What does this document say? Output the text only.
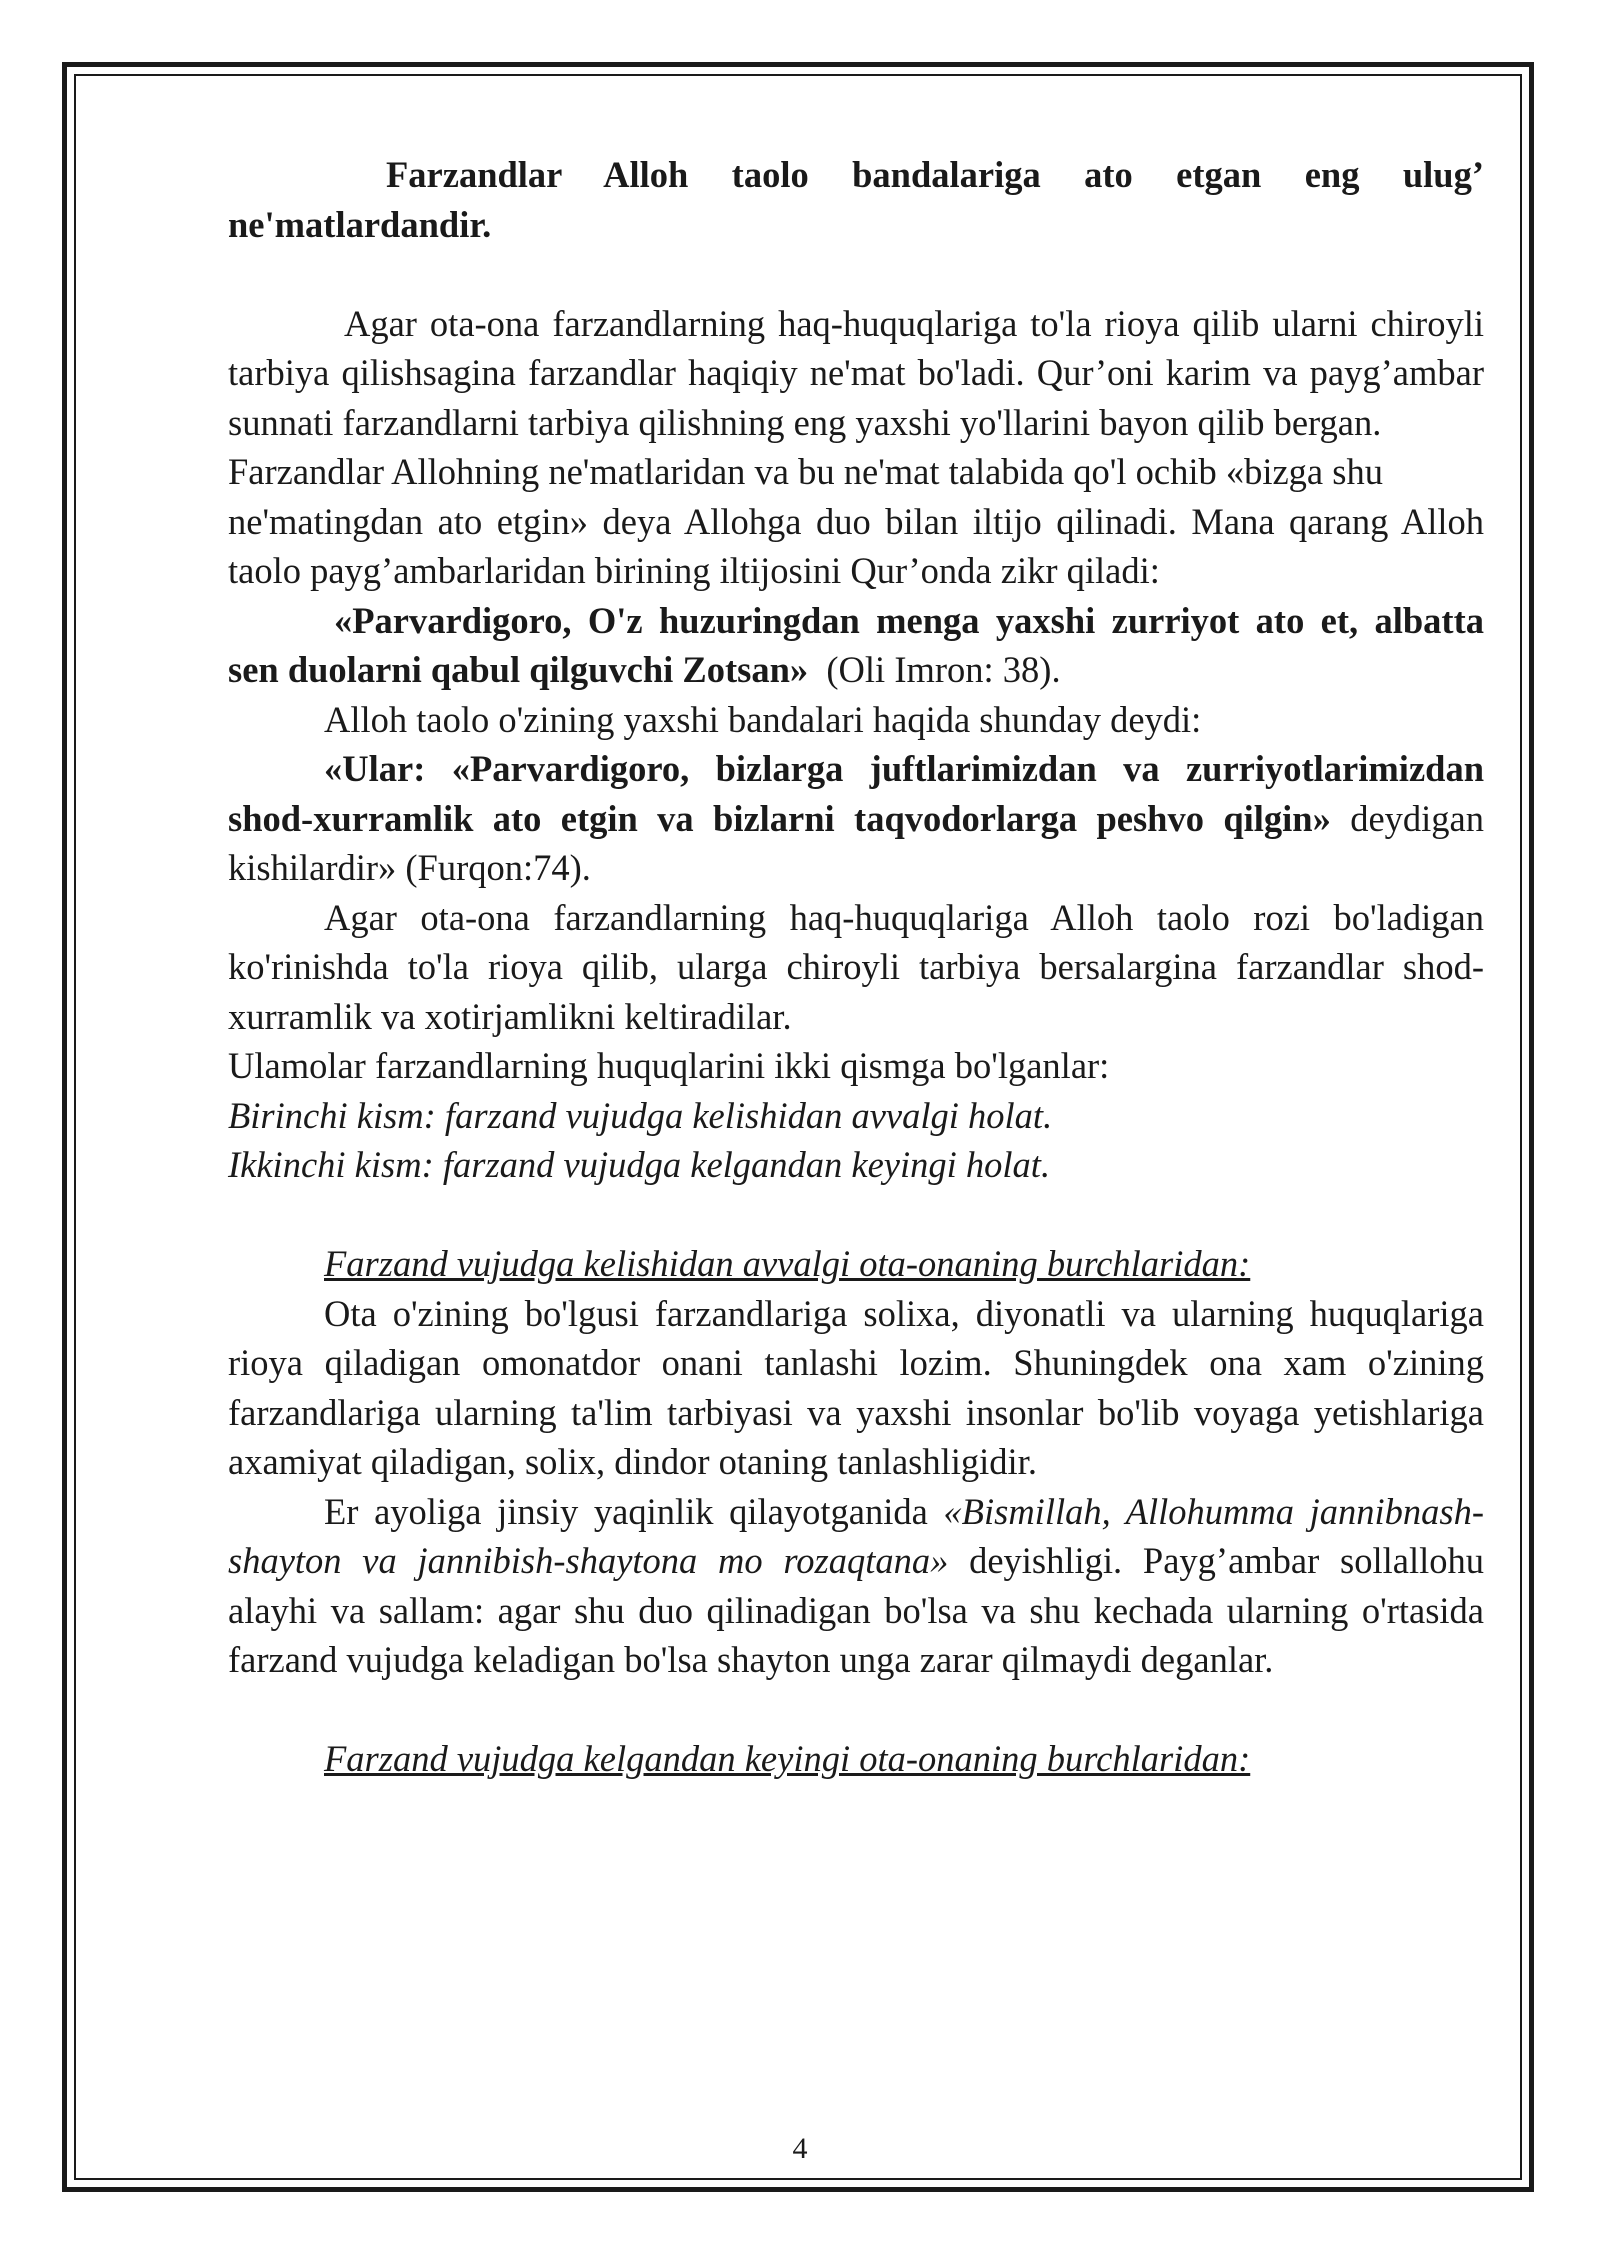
Farzandlar Alloh taolo bandalariga ato etgan eng ulug’ ne'matlardandir.

Agar ota-ona farzandlarning haq-huquqlariga to'la rioya qilib ularni chiroyli tarbiya qilishsagina farzandlar haqiqiy ne'mat bo'ladi. Qur’oni karim va payg’ambar sunnati farzandlarni tarbiya qilishning eng yaxshi yo'llarini bayon qilib bergan.

Farzandlar Allohning ne'matlaridan va bu ne'mat talabida qo'l ochib «bizga shu

ne'matingdan ato etgin» deya Allohga duo bilan iltijo qilinadi. Mana qarang Alloh taolo payg’ambarlaridan birining iltijosini Qur’onda zikr qiladi:

«Parvardigoro, O'z huzuringdan menga yaxshi zurriyot ato et, albatta sen duolarni qabul qilguvchi Zotsan» (Oli Imron: 38).

Alloh taolo o'zining yaxshi bandalari haqida shunday deydi:

«Ular: «Parvardigoro, bizlarga juftlarimizdan va zurriyotlarimizdan shod-xurramlik ato etgin va bizlarni taqvodorlarga peshvo qilgin» deydigan kishilardir» (Furqon:74).

Agar ota-ona farzandlarning haq-huquqlariga Alloh taolo rozi bo'ladigan ko'rinishda to'la rioya qilib, ularga chiroyli tarbiya bersalargina farzandlar shod-xurramlik va xotirjamlikni keltiradilar.

Ulamolar farzandlarning huquqlarini ikki qismga bo'lganlar:

Birinchi kism: farzand vujudga kelishidan avvalgi holat.

Ikkinchi kism: farzand vujudga kelgandan keyingi holat.

Farzand vujudga kelishidan avvalgi ota-onaning burchlaridan:

Ota o'zining bo'lgusi farzandlariga solixa, diyonatli va ularning huquqlariga rioya qiladigan omonatdor onani tanlashi lozim. Shuningdek ona xam o'zining farzandlariga ularning ta'lim tarbiyasi va yaxshi insonlar bo'lib voyaga yetishlariga axamiyat qiladigan, solix, dindor otaning tanlashligidir.

Er ayoliga jinsiy yaqinlik qilayotganida «Bismillah, Allohumma jannibnash-shayton va jannibish-shaytona mo rozaqtana» deyishligi. Payg’ambar sollallohu alayhi va sallam: agar shu duo qilinadigan bo'lsa va shu kechada ularning o'rtasida farzand vujudga keladigan bo'lsa shayton unga zarar qilmaydi deganlar.

Farzand vujudga kelgandan keyingi ota-onaning burchlaridan:

4
